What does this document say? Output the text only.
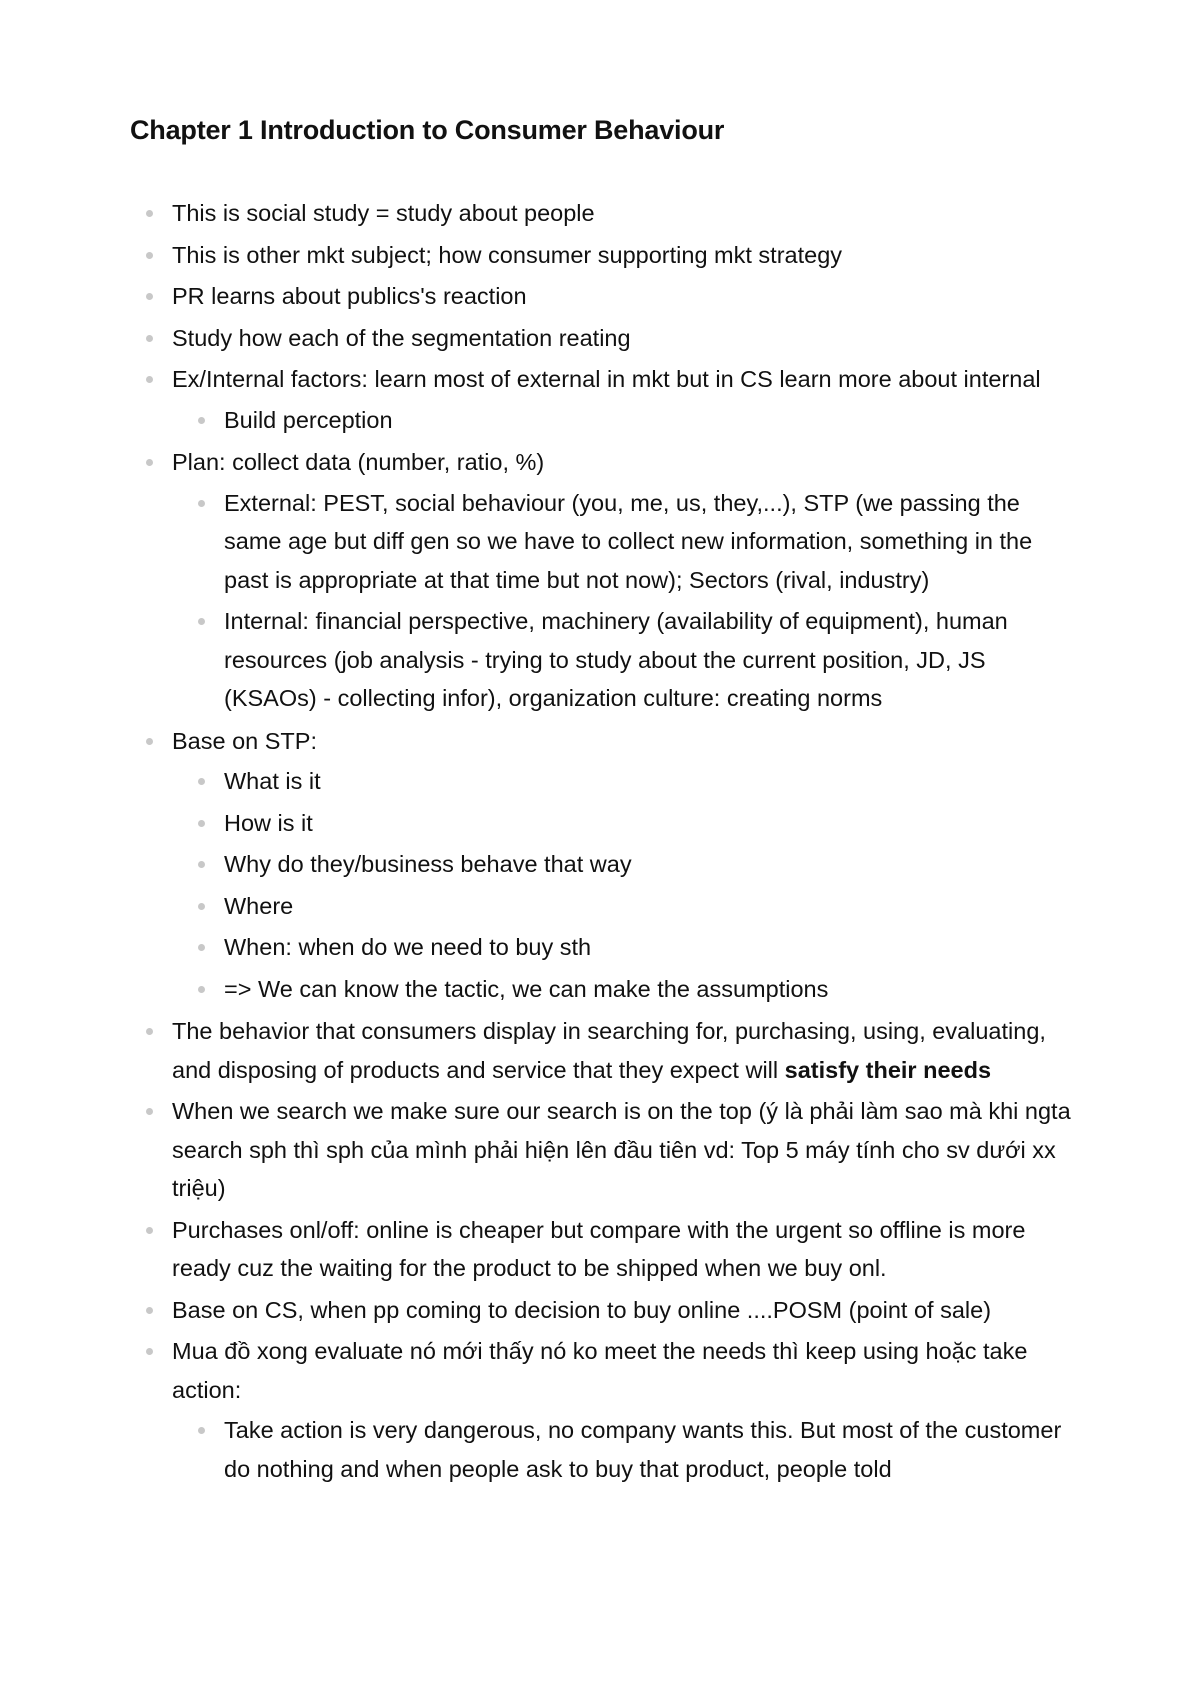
Chapter 1 Introduction to Consumer Behaviour
This is social study = study about people
This is other mkt subject; how consumer supporting mkt strategy
PR learns about publics's reaction
Study how each of the segmentation reating
Ex/Internal factors: learn most of external in mkt but in CS learn more about internal
Build perception
Plan: collect data (number, ratio, %)
External: PEST, social behaviour (you, me, us, they,...), STP (we passing the same age but diff gen so we have to collect new information, something in the past is appropriate at that time but not now); Sectors (rival, industry)
Internal: financial perspective, machinery (availability of equipment), human resources (job analysis - trying to study about the current position, JD, JS (KSAOs) - collecting infor), organization culture: creating norms
Base on STP:
What is it
How is it
Why do they/business behave that way
Where
When: when do we need to buy sth
=> We can know the tactic, we can make the assumptions
The behavior that consumers display in searching for, purchasing, using, evaluating, and disposing of products and service that they expect will satisfy their needs
When we search we make sure our search is on the top (ý là phải làm sao mà khi ngta search sph thì sph của mình phải hiện lên đầu tiên vd: Top 5 máy tính cho sv dưới xx triệu)
Purchases onl/off: online is cheaper but compare with the urgent so offline is more ready cuz the waiting for the product to be shipped when we buy onl.
Base on CS, when pp coming to decision to buy online ....POSM (point of sale)
Mua đồ xong evaluate nó mới thấy nó ko meet the needs thì keep using hoặc take action:
Take action is very dangerous, no company wants this. But most of the customer do nothing and when people ask to buy that product, people told
